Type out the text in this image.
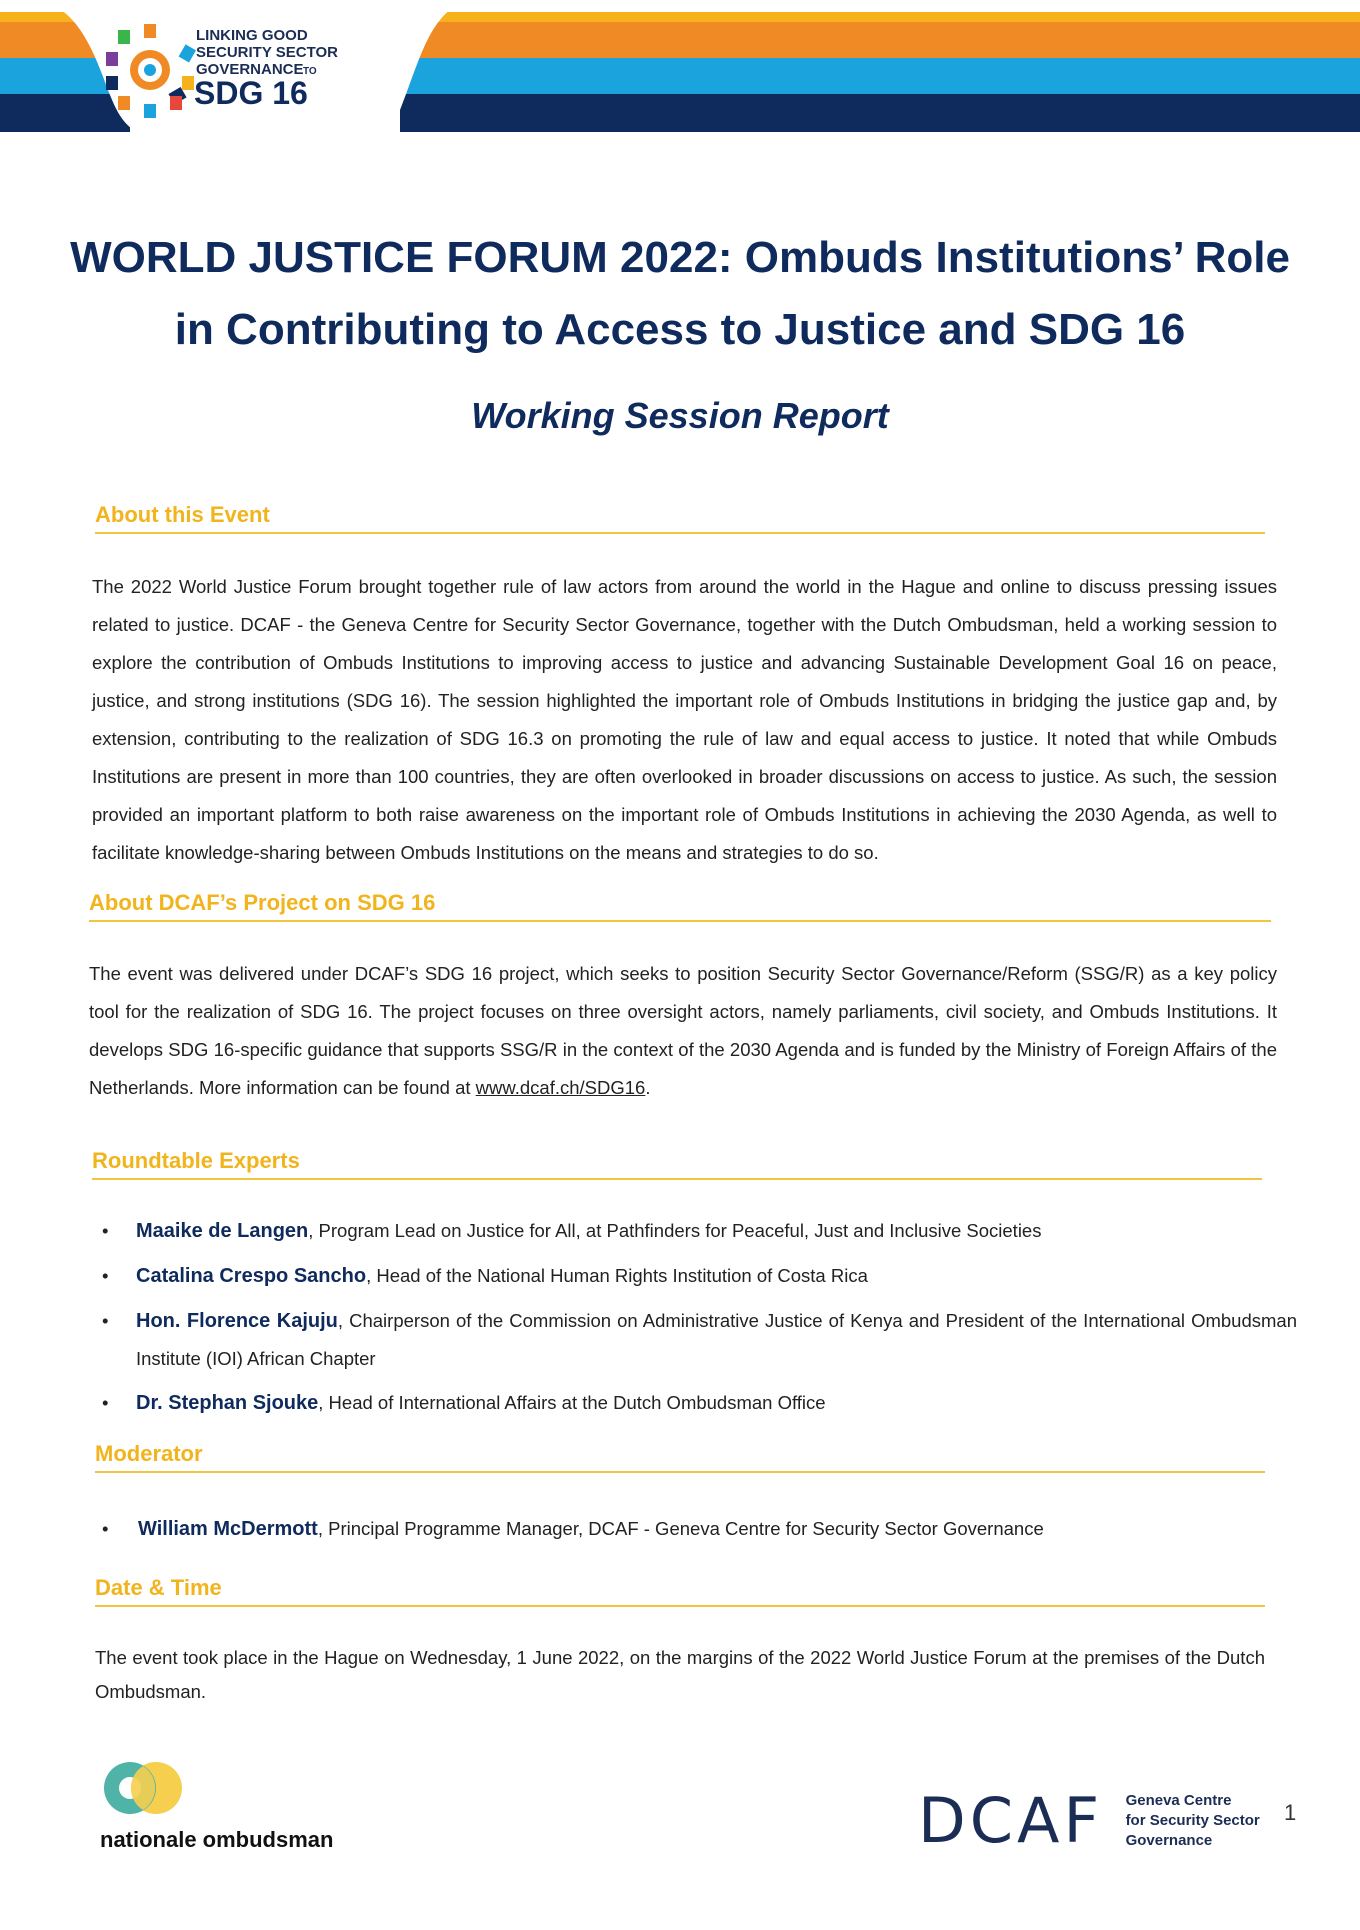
LINKING GOOD
SECURITY SECTOR
GOVERNANCE TO
SDG 16
WORLD JUSTICE FORUM 2022: Ombuds Institutions’ Role
in Contributing to Access to Justice and SDG 16

Working Session Report

About this Event

The 2022 World Justice Forum brought together rule of law actors from around the world in the Hague and online to discuss pressing issues related to justice. DCAF - the Geneva Centre for Security Sector Governance, together with the Dutch Ombudsman, held a working session to explore the contribution of Ombuds Institutions to improving access to justice and advancing Sustainable Development Goal 16 on peace, justice, and strong institutions (SDG 16). The session highlighted the important role of Ombuds Institutions in bridging the justice gap and, by extension, contributing to the realization of SDG 16.3 on promoting the rule of law and equal access to justice. It noted that while Ombuds Institutions are present in more than 100 countries, they are often overlooked in broader discussions on access to justice. As such, the session provided an important platform to both raise awareness on the important role of Ombuds Institutions in achieving the 2030 Agenda, as well to facilitate knowledge-sharing between Ombuds Institutions on the means and strategies to do so.

About DCAF’s Project on SDG 16

The event was delivered under DCAF’s SDG 16 project, which seeks to position Security Sector Governance/Reform (SSG/R) as a key policy tool for the realization of SDG 16. The project focuses on three oversight actors, namely parliaments, civil society, and Ombuds Institutions. It develops SDG 16-specific guidance that supports SSG/R in the context of the 2030 Agenda and is funded by the Ministry of Foreign Affairs of the Netherlands. More information can be found at www.dcaf.ch/SDG16.

Roundtable Experts
• Maaike de Langen, Program Lead on Justice for All, at Pathfinders for Peaceful, Just and Inclusive Societies
• Catalina Crespo Sancho, Head of the National Human Rights Institution of Costa Rica
• Hon. Florence Kajuju, Chairperson of the Commission on Administrative Justice of Kenya and President of the International Ombudsman Institute (IOI) African Chapter
• Dr. Stephan Sjouke, Head of International Affairs at the Dutch Ombudsman Office
Moderator
• William McDermott, Principal Programme Manager, DCAF - Geneva Centre for Security Sector Governance
Date & Time

The event took place in the Hague on Wednesday, 1 June 2022, on the margins of the 2022 World Justice Forum at the premises of the Dutch Ombudsman.

nationale ombudsman	DCAF Geneva Centre
for Security Sector
Governance
1
